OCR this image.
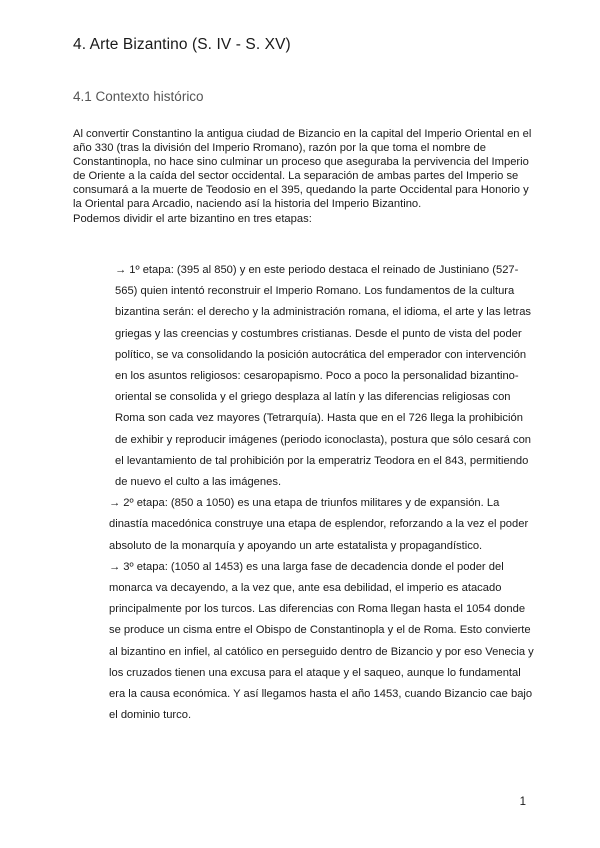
4. Arte Bizantino (S. IV - S. XV)
4.1 Contexto histórico

Al convertir Constantino la antigua ciudad de Bizancio en la capital del Imperio Oriental en el año 330 (tras la división del Imperio Rromano), razón por la que toma el nombre de Constantinopla, no hace sino culminar un proceso que aseguraba la pervivencia del Imperio de Oriente a la caída del sector occidental. La separación de ambas partes del Imperio se consumará a la muerte de Teodosio en el 395, quedando la parte Occidental para Honorio y la Oriental para Arcadio, naciendo así la historia del Imperio Bizantino.

Podemos dividir el arte bizantino en tres etapas:

→ 1º etapa: (395 al 850) y en este periodo destaca el reinado de Justiniano (527-565) quien intentó reconstruir el Imperio Romano. Los fundamentos de la cultura bizantina serán: el derecho y la administración romana, el idioma, el arte y las letras griegas y las creencias y costumbres cristianas. Desde el punto de vista del poder político, se va consolidando la posición autocrática del emperador con intervención en los asuntos religiosos: cesaropapismo. Poco a poco la personalidad bizantino-oriental se consolida y el griego desplaza al latín y las diferencias religiosas con Roma son cada vez mayores (Tetrarquía). Hasta que en el 726 llega la prohibición de exhibir y reproducir imágenes (periodo iconoclasta), postura que sólo cesará con el levantamiento de tal prohibición por la emperatriz Teodora en el 843, permitiendo de nuevo el culto a las imágenes.

→ 2º etapa: (850 a 1050) es una etapa de triunfos militares y de expansión. La dinastía macedónica construye una etapa de esplendor, reforzando a la vez el poder absoluto de la monarquía y apoyando un arte estatalista y propagandístico.

→ 3º etapa: (1050 al 1453) es una larga fase de decadencia donde el poder del monarca va decayendo, a la vez que, ante esa debilidad, el imperio es atacado principalmente por los turcos. Las diferencias con Roma llegan hasta el 1054 donde se produce un cisma entre el Obispo de Constantinopla y el de Roma. Esto convierte al bizantino en infiel, al católico en perseguido dentro de Bizancio y por eso Venecia y los cruzados tienen una excusa para el ataque y el saqueo, aunque lo fundamental era la causa económica. Y así llegamos hasta el año 1453, cuando Bizancio cae bajo el dominio turco.

1
